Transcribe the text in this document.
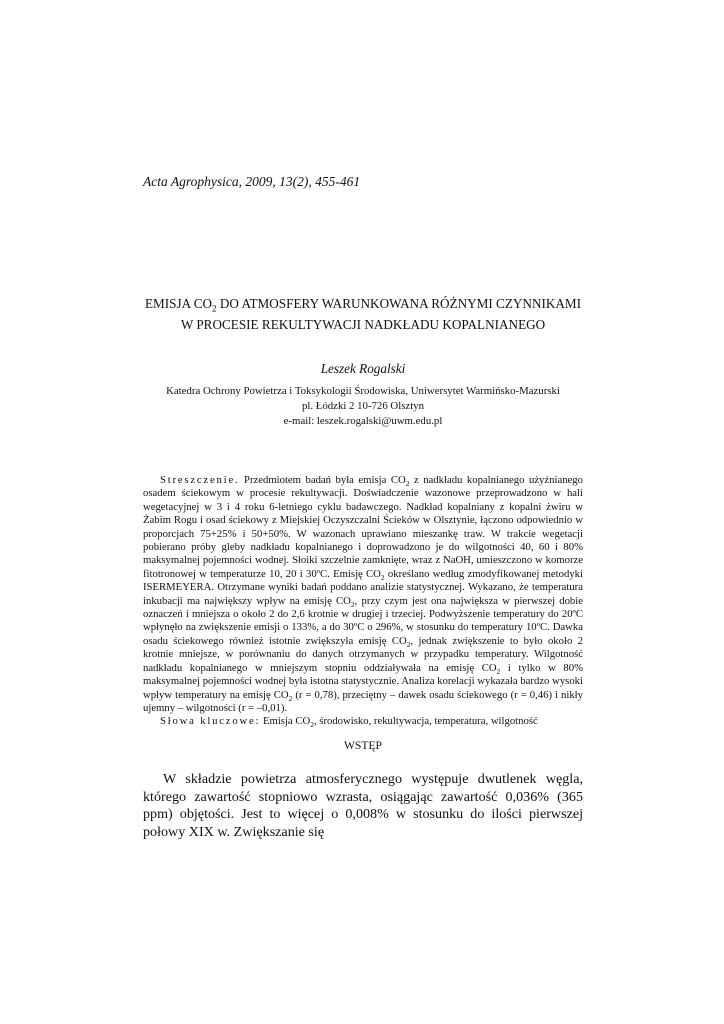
Acta Agrophysica, 2009, 13(2), 455-461
EMISJA $CO_2$ DO ATMOSFERY WARUNKOWANA RÓŻNYMI CZYNNIKAMI W PROCESIE REKULTYWACJI NADKŁADU KOPALNIANEGO
Leszek Rogalski
Katedra Ochrony Powietrza i Toksykologii Środowiska, Uniwersytet Warmińsko-Mazurski
pl. Łódzki 2 10-726 Olsztyn
e-mail: leszek.rogalski@uwm.edu.pl

Streszczenie. Przedmiotem badań była emisja $CO_2$ z nadkładu kopalnianego użyźnianego osadem ściekowym w procesie rekultywacji. Doświadczenie wazonowe przeprowadzono w hali wegetacyjnej w 3 i 4 roku 6-letniego cyklu badawczego. Nadkład kopalniany z kopalni żwiru w Żabim Rogu i osad ściekowy z Miejskiej Oczyszczalni Ścieków w Olsztynie, łączono odpowiednio w proporcjach 75+25% i 50+50%. W wazonach uprawiano mieszankę traw. W trakcie wegetacji pobierano próby gleby nadkładu kopalnianego i doprowadzono je do wilgotności 40, 60 i 80% maksymalnej pojemności wodnej. Słoiki szczelnie zamknięte, wraz z NaOH, umieszczono w komorze fitotronowej w temperaturze 10, 20 i 30ºC. Emisję $CO_2$ określano według zmodyfikowanej metodyki ISERMEYERA. Otrzymane wyniki badań poddano analizie statystycznej. Wykazano, że temperatura inkubacji ma największy wpływ na emisję $CO_2$, przy czym jest ona największa w pierwszej dobie oznaczeń i mniejsza o około 2 do 2,6 krotnie w drugiej i trzeciej. Podwyższenie temperatury do 20ºC wpłynęło na zwiększenie emisji o 133%, a do 30ºC o 296%, w stosunku do temperatury 10ºC. Dawka osadu ściekowego również istotnie zwiększyła emisję $CO_2$, jednak zwiększenie to było około 2 krotnie mniejsze, w porównaniu do danych otrzymanych w przypadku temperatury. Wilgotność nadkładu kopalnianego w mniejszym stopniu oddziaływała na emisję $CO_2$ i tylko w 80% maksymalnej pojemności wodnej była istotna statystycznie. Analiza korelacji wykazała bardzo wysoki wpływ temperatury na emisję $CO_2$ (r = 0,78), przeciętny – dawek osadu ściekowego (r = 0,46) i nikły ujemny – wilgotności (r = –0,01).

Słowa kluczowe: Emisja $CO_2$, środowisko, rekultywacja, temperatura, wilgotność

WSTĘP

W składzie powietrza atmosferycznego występuje dwutlenek węgla, którego zawartość stopniowo wzrasta, osiągając zawartość 0,036% (365 ppm) objętości. Jest to więcej o 0,008% w stosunku do ilości pierwszej połowy XIX w. Zwiększanie się
